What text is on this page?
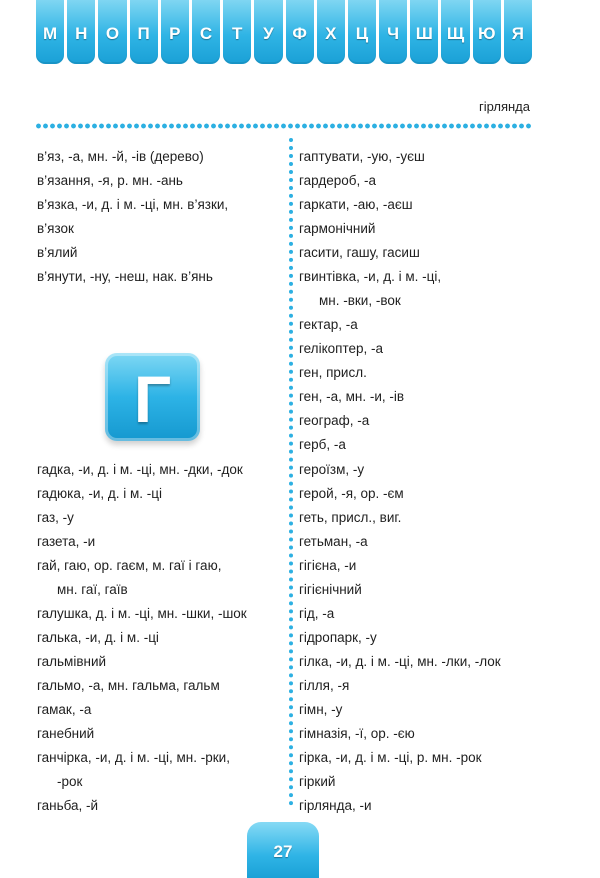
М	Н	О	П	Р	С	Т	У	Ф	Х	Ц	Ч Ш Щ Ю Я
гірлянда
в’яз, -а, мн. -й, -ів (дерево)
в’язання, -я, р. мн. -ань
в’язка, -и, д. і м. -ці, мн. в’язки,
в’язок
в’ялий
в’янути, -ну, -неш, нак. в’янь
Г
гадка, -и, д. і м. -ці, мн. -дки, -док
гадюка, -и, д. і м. -ці
газ, -у
газета, -и
гай, гаю, ор. гаєм, м. гаї і гаю,
мн. гаї, гаїв
галушка, д. і м. -ці, мн. -шки, -шок
галька, -и, д. і м. -ці
гальмівний
гальмо, -а, мн. гальма, гальм
гамак, -а
ганебний
ганчірка, -и, д. і м. -ці, мн. -рки,
-рок
ганьба, -й
гаптувати, -ую, -уєш
гардероб, -а
гаркати, -аю, -аєш
гармонічний
гасити, гашу, гасиш
гвинтівка, -и, д. і м. -ці,
мн. -вки, -вок
гектар, -а
гелікоптер, -а
ген, присл.
ген, -а, мн. -и, -ів
географ, -а
герб, -а
героїзм, -у
герой, -я, ор. -єм
геть, присл., виг.
гетьман, -а
гігієна, -и
гігієнічний
гід, -а
гідропарк, -у
гілка, -и, д. і м. -ці, мн. -лки, -лок
гілля, -я
гімн, -у
гімназія, -ї, ор. -єю
гірка, -и, д. і м. -ці, р. мн. -рок
гіркий
гірлянда, -и
27
